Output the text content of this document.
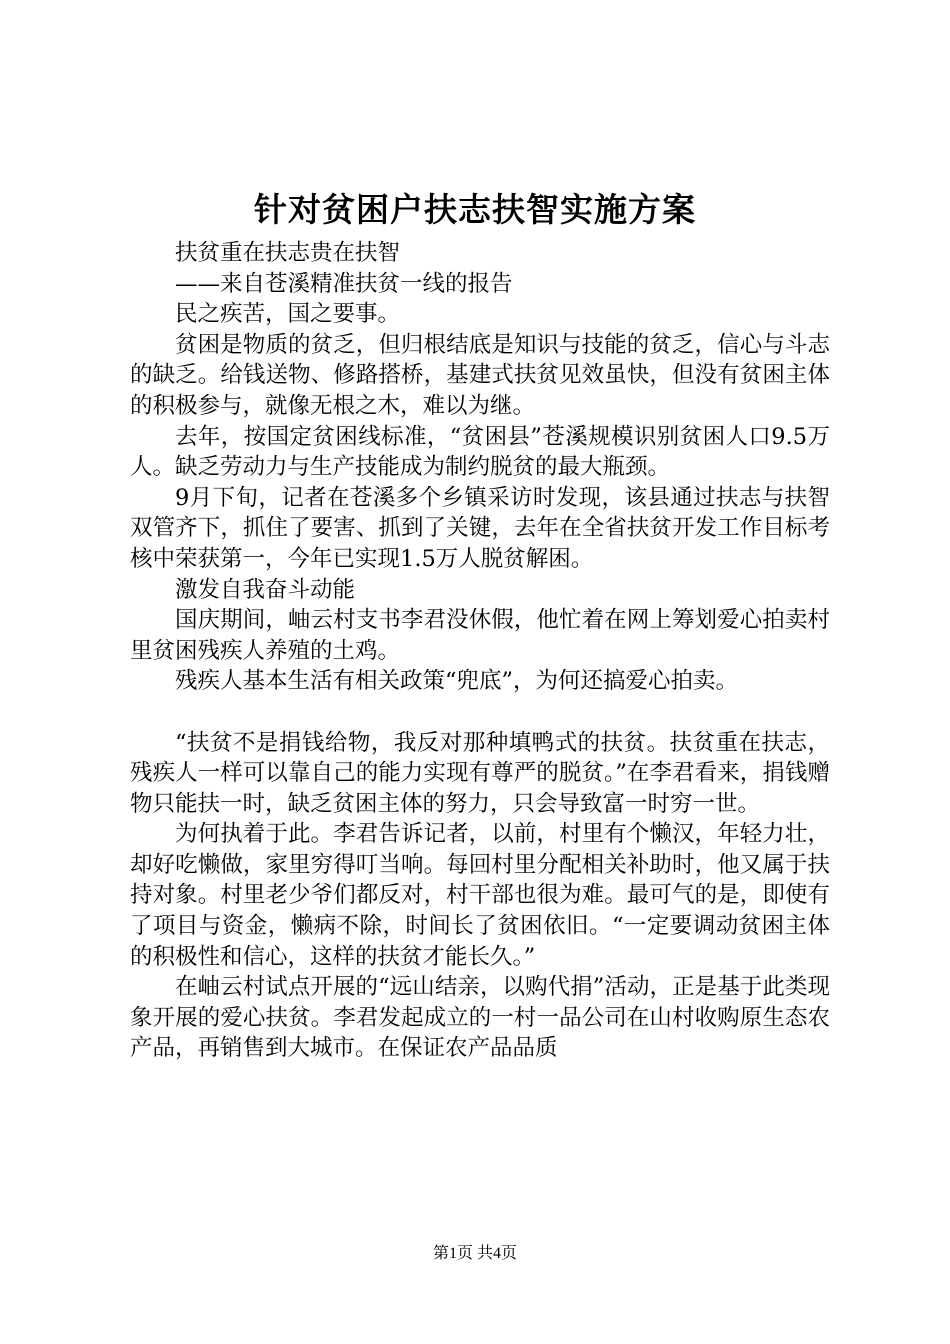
针对贫困户扶志扶智实施方案

扶贫重在扶志贵在扶智

——来自苍溪精准扶贫一线的报告

民之疾苦，国之要事。

贫困是物质的贫乏，但归根结底是知识与技能的贫乏，信心与斗志的缺乏。给钱送物、修路搭桥，基建式扶贫见效虽快，但没有贫困主体的积极参与，就像无根之木，难以为继。

去年，按国定贫困线标准，“贫困县”苍溪规模识别贫困人口9.5万人。缺乏劳动力与生产技能成为制约脱贫的最大瓶颈。

9月下旬，记者在苍溪多个乡镇采访时发现，该县通过扶志与扶智双管齐下，抓住了要害、抓到了关键，去年在全省扶贫开发工作目标考核中荣获第一，今年已实现1.5万人脱贫解困。

激发自我奋斗动能

国庆期间，岫云村支书李君没休假，他忙着在网上筹划爱心拍卖村里贫困残疾人养殖的土鸡。

残疾人基本生活有相关政策“兜底”，为何还搞爱心拍卖。

“扶贫不是捐钱给物，我反对那种填鸭式的扶贫。扶贫重在扶志，残疾人一样可以靠自己的能力实现有尊严的脱贫。”在李君看来，捐钱赠物只能扶一时，缺乏贫困主体的努力，只会导致富一时穷一世。

为何执着于此。李君告诉记者，以前，村里有个懒汉，年轻力壮，却好吃懒做，家里穷得叮当响。每回村里分配相关补助时，他又属于扶持对象。村里老少爷们都反对，村干部也很为难。最可气的是，即使有了项目与资金，懒病不除，时间长了贫困依旧。“一定要调动贫困主体的积极性和信心，这样的扶贫才能长久。”

在岫云村试点开展的“远山结亲，以购代捐”活动，正是基于此类现象开展的爱心扶贫。李君发起成立的一村一品公司在山村收购原生态农产品，再销售到大城市。在保证农产品品质

第1页 共4页
